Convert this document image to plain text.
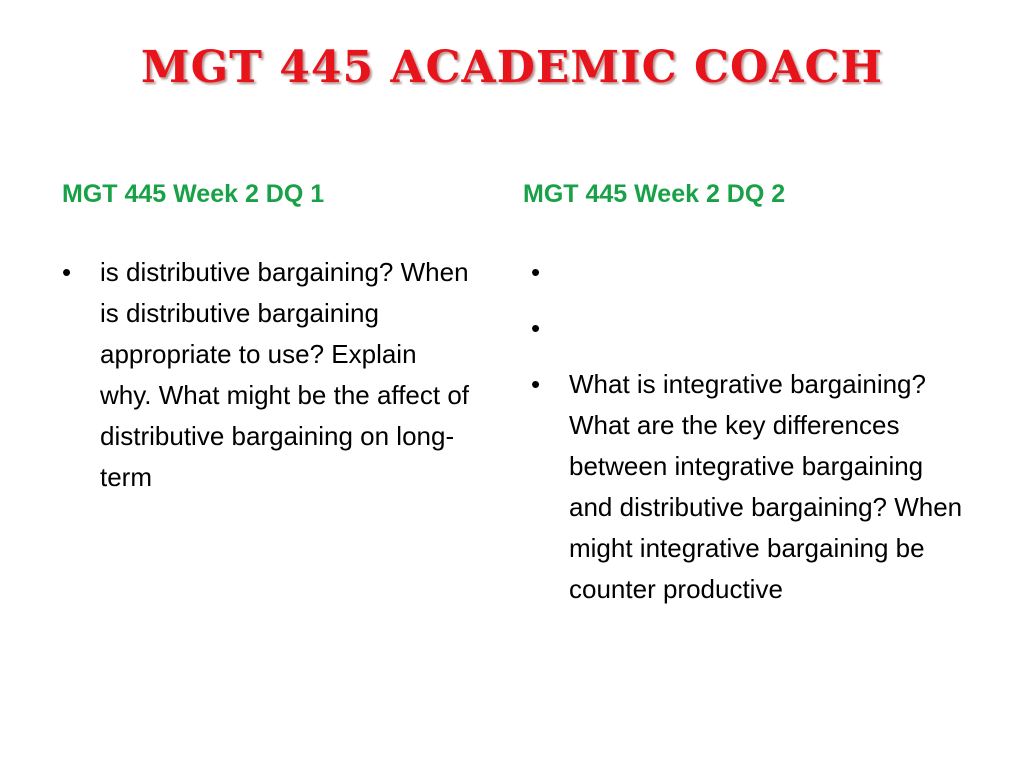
MGT 445 ACADEMIC COACH
MGT 445 Week 2 DQ 1
•	is distributive bargaining? When is distributive bargaining appropriate to use? Explain why. What might be the affect of distributive bargaining on long-term
MGT 445 Week 2 DQ 2
•
•
•	What is integrative bargaining? What are the key differences between integrative bargaining and distributive bargaining? When might integrative bargaining be counter productive
